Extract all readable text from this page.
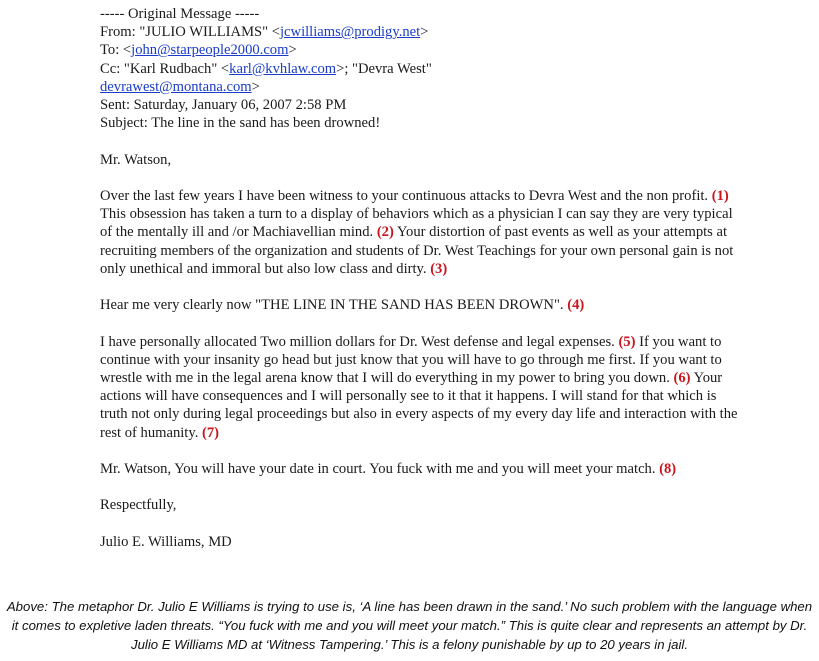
----- Original Message -----
From: "JULIO WILLIAMS" <jcwilliams@prodigy.net>
To: <john@starpeople2000.com>
Cc: "Karl Rudbach" <karl@kvhlaw.com>; "Devra West"
devrawest@montana.com>
Sent: Saturday, January 06, 2007 2:58 PM
Subject: The line in the sand has been drowned!
Mr. Watson,

Over the last few years I have been witness to your continuous attacks to Devra West and the non profit. (1) This obsession has taken a turn to a display of behaviors which as a physician I can say they are very typical of the mentally ill and /or Machiavellian mind. (2) Your distortion of past events as well as your attempts at recruiting members of the organization and students of Dr. West Teachings for your own personal gain is not only unethical and immoral but also low class and dirty. (3)

Hear me very clearly now "THE LINE IN THE SAND HAS BEEN DROWN". (4)

I have personally allocated Two million dollars for Dr. West defense and legal expenses. (5) If you want to continue with your insanity go head but just know that you will have to go through me first. If you want to wrestle with me in the legal arena know that I will do everything in my power to bring you down. (6) Your actions will have consequences and I will personally see to it that it happens. I will stand for that which is truth not only during legal proceedings but also in every aspects of my every day life and interaction with the rest of humanity. (7)

Mr. Watson, You will have your date in court. You fuck with me and you will meet your match. (8)

Respectfully,
Julio E. Williams, MD
Above: The metaphor Dr. Julio E Williams is trying to use is, ‘A line has been drawn in the sand.’ No such problem with the language when it comes to expletive laden threats. “You fuck with me and you will meet your match.” This is quite clear and represents an attempt by Dr. Julio E Williams MD at ‘Witness Tampering.’ This is a felony punishable by up to 20 years in jail.
